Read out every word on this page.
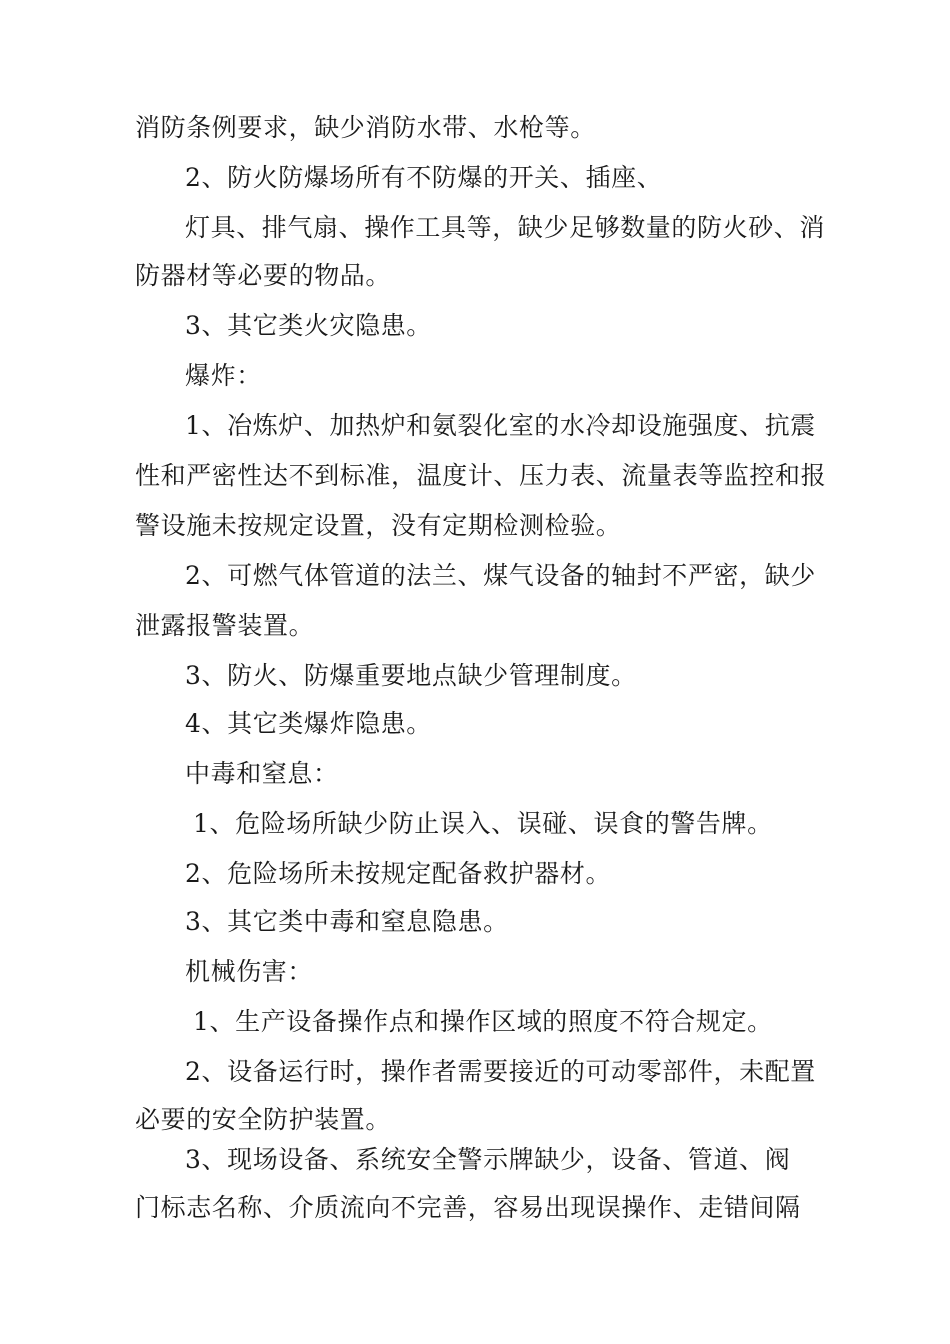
消防条例要求，缺少消防水带、水枪等。
2、防火防爆场所有不防爆的开关、插座、
灯具、排气扇、操作工具等，缺少足够数量的防火砂、消
防器材等必要的物品。
3、其它类火灾隐患。
爆炸：
1、冶炼炉、加热炉和氨裂化室的水冷却设施强度、抗震
性和严密性达不到标准，温度计、压力表、流量表等监控和报
警设施未按规定设置，没有定期检测检验。
2、可燃气体管道的法兰、煤气设备的轴封不严密，缺少
泄露报警装置。
3、防火、防爆重要地点缺少管理制度。
4、其它类爆炸隐患。
中毒和窒息：
1、危险场所缺少防止误入、误碰、误食的警告牌。
2、危险场所未按规定配备救护器材。
3、其它类中毒和窒息隐患。
机械伤害：
1、生产设备操作点和操作区域的照度不符合规定。
2、设备运行时，操作者需要接近的可动零部件，未配置
必要的安全防护装置。
3、现场设备、系统安全警示牌缺少，设备、管道、阀
门标志名称、介质流向不完善，容易出现误操作、走错间隔
